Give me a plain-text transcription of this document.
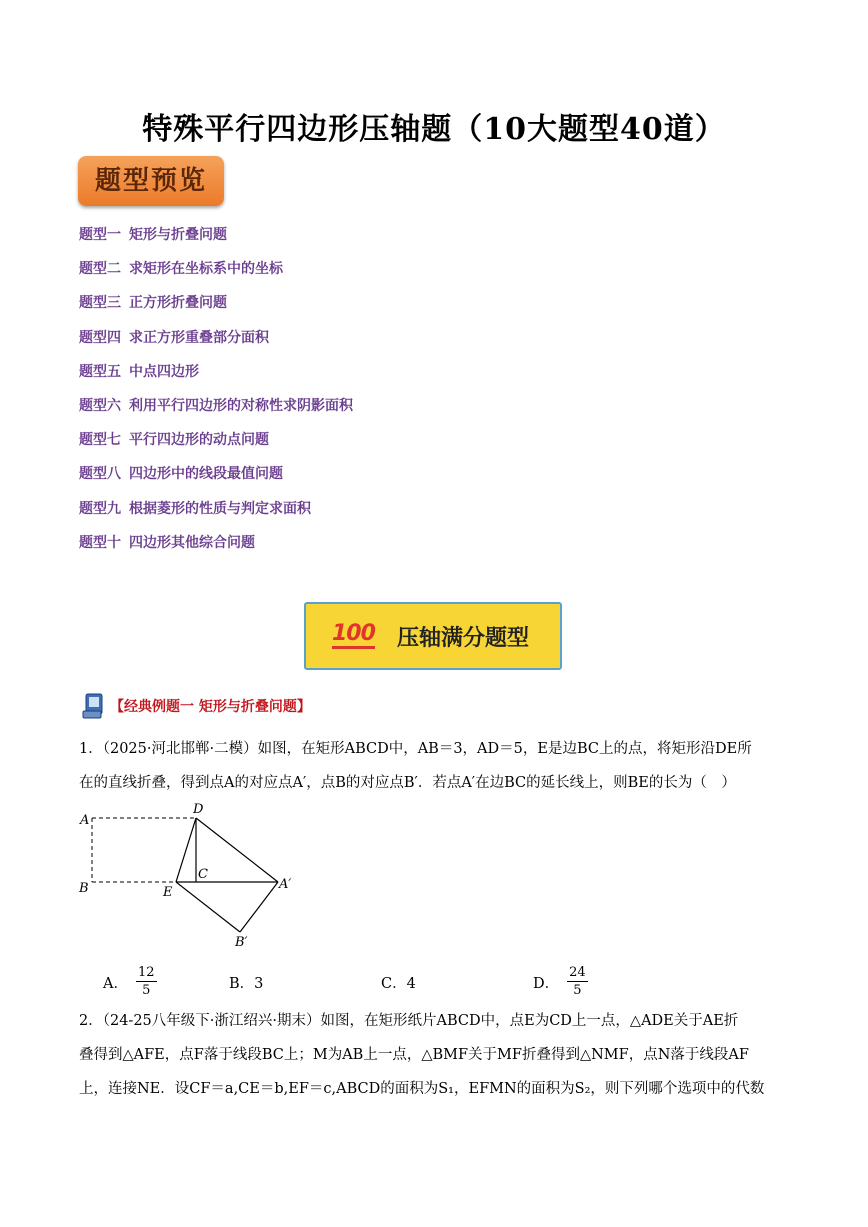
特殊平行四边形压轴题（10大题型40道）
题型预览
题型一 矩形与折叠问题
题型二 求矩形在坐标系中的坐标
题型三 正方形折叠问题
题型四 求正方形重叠部分面积
题型五 中点四边形
题型六 利用平行四边形的对称性求阴影面积
题型七 平行四边形的动点问题
题型八 四边形中的线段最值问题
题型九 根据菱形的性质与判定求面积
题型十 四边形其他综合问题
100 压轴满分题型
【经典例题一 矩形与折叠问题】
1．（2025·河北邯郸·二模）如图，在矩形ABCD中，AB＝3，AD＝5，E是边BC上的点，将矩形沿DE所
在的直线折叠，得到点A的对应点A′，点B的对应点B′．若点A′在边BC的延长线上，则BE的长为（　）
A
D
B	E
C
A′
B′
A． $\frac{12}{5}$	B．3	C．4	D． $\frac{24}{5}$
2．（24-25八年级下·浙江绍兴·期末）如图，在矩形纸片ABCD中，点E为CD上一点，△ADE关于AE折
叠得到△AFE，点F落于线段BC上；M为AB上一点，△BMF关于MF折叠得到△NMF，点N落于线段AF
上，连接NE．设CF＝a,CE＝b,EF＝c,ABCD的面积为S₁，EFMN的面积为S₂，则下列哪个选项中的代数
